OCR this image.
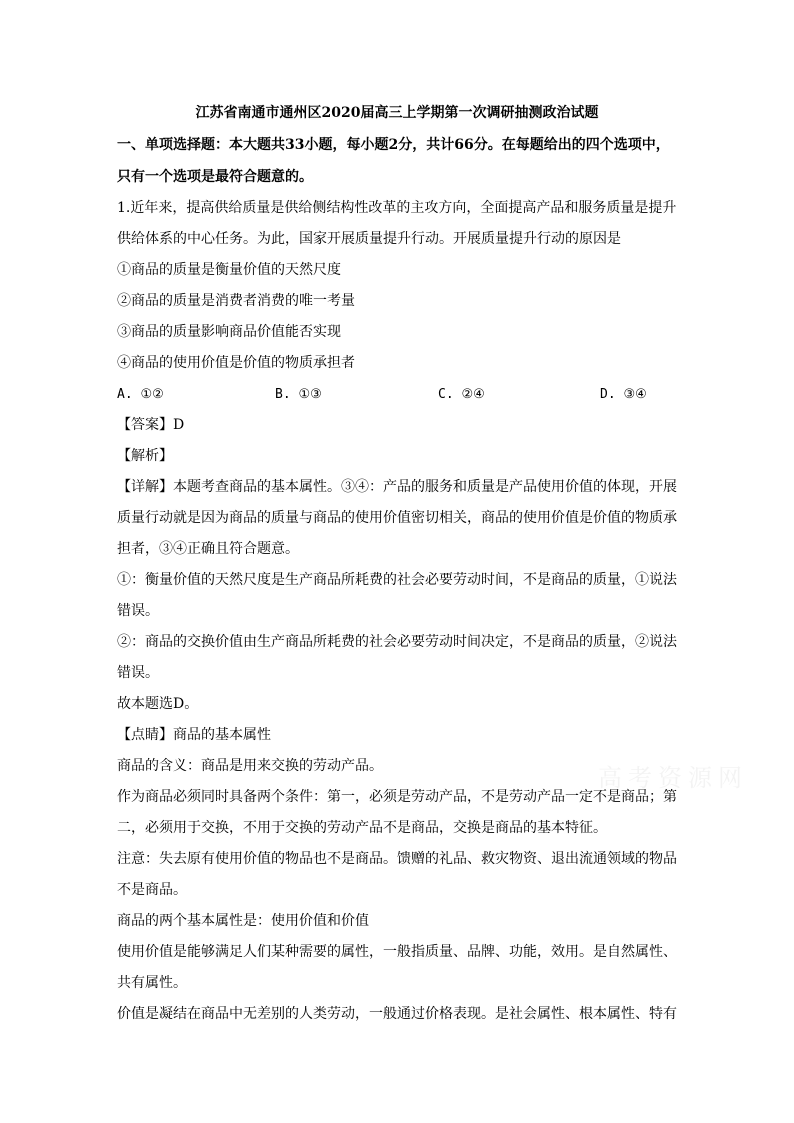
江苏省南通市通州区2020届高三上学期第一次调研抽测政治试题
一、单项选择题：本大题共33小题，每小题2分，共计66分。在每题给出的四个选项中，
只有一个选项是最符合题意的。
1.近年来，提高供给质量是供给侧结构性改革的主攻方向，全面提高产品和服务质量是提升
供给体系的中心任务。为此，国家开展质量提升行动。开展质量提升行动的原因是
①商品的质量是衡量价值的天然尺度
②商品的质量是消费者消费的唯一考量
③商品的质量影响商品价值能否实现
④商品的使用价值是价值的物质承担者
A. ①②	B. ①③	C. ②④	D. ③④
【答案】D
【解析】
【详解】本题考查商品的基本属性。③④：产品的服务和质量是产品使用价值的体现，开展
质量行动就是因为商品的质量与商品的使用价值密切相关，商品的使用价值是价值的物质承
担者，③④正确且符合题意。
①：衡量价值的天然尺度是生产商品所耗费的社会必要劳动时间，不是商品的质量，①说法
错误。
②：商品的交换价值由生产商品所耗费的社会必要劳动时间决定，不是商品的质量，②说法
错误。
故本题选D。
【点睛】商品的基本属性
商品的含义：商品是用来交换的劳动产品。
作为商品必须同时具备两个条件：第一，必须是劳动产品，不是劳动产品一定不是商品；第
二，必须用于交换，不用于交换的劳动产品不是商品，交换是商品的基本特征。
注意：失去原有使用价值的物品也不是商品。馈赠的礼品、救灾物资、退出流通领域的物品
不是商品。
商品的两个基本属性是：使用价值和价值
使用价值是能够满足人们某种需要的属性，一般指质量、品牌、功能，效用。是自然属性、
共有属性。
价值是凝结在商品中无差别的人类劳动，一般通过价格表现。是社会属性、根本属性、特有
高考资源网
